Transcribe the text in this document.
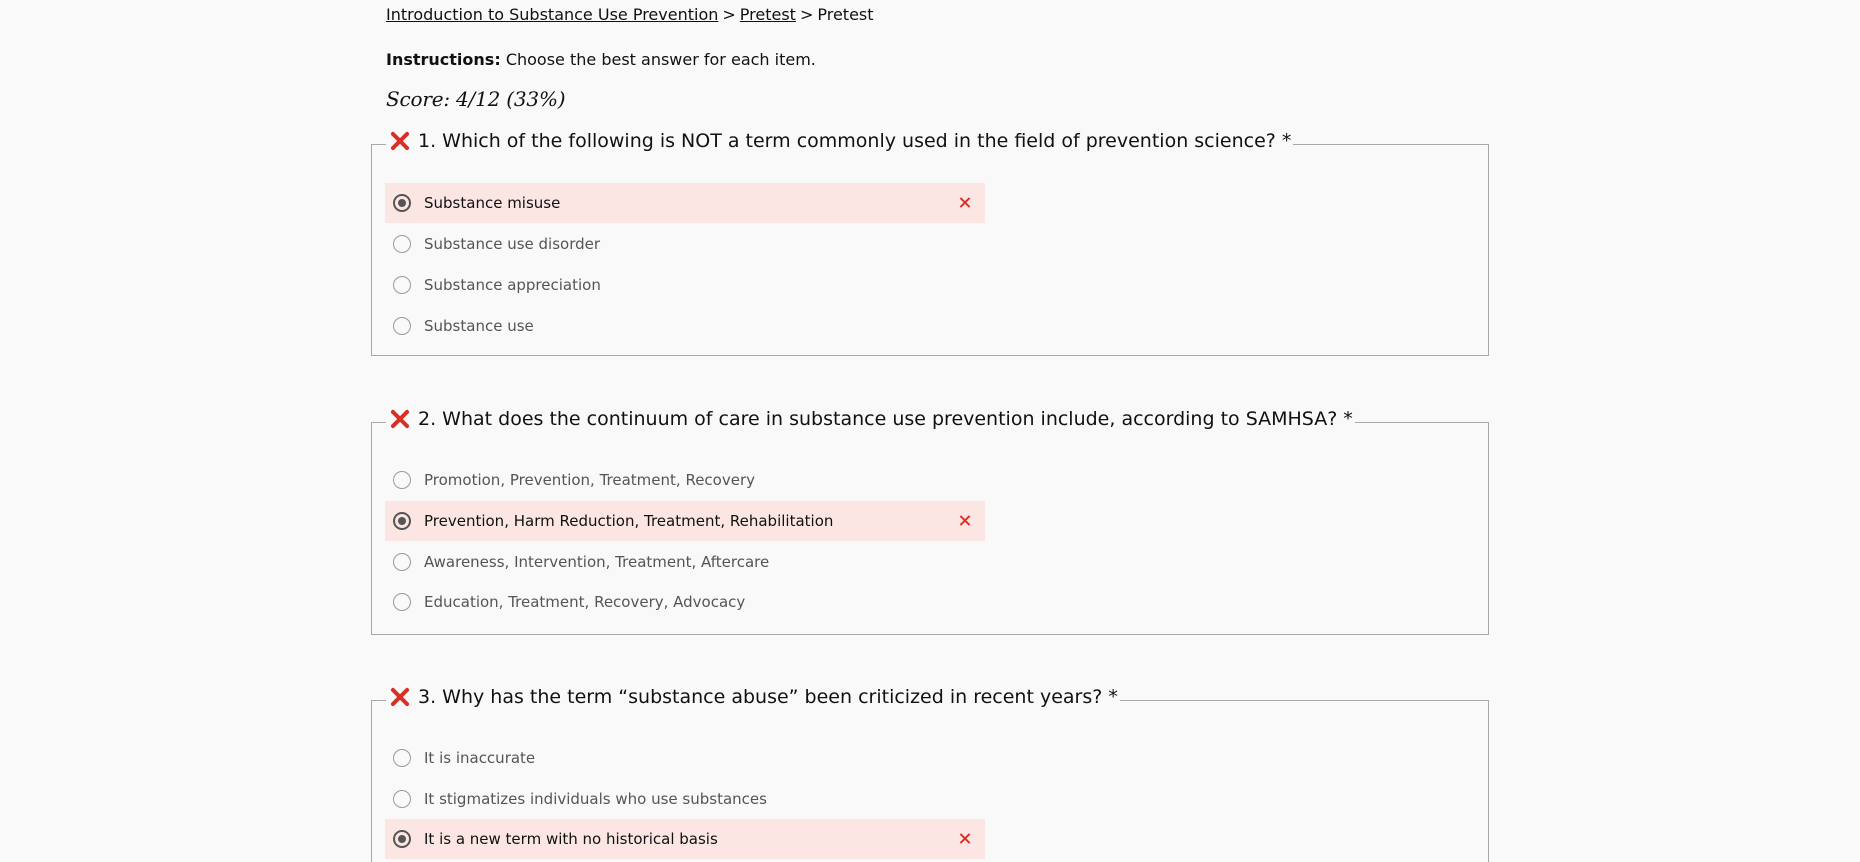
Introduction to Substance Use Prevention > Pretest > Pretest
Instructions: Choose the best answer for each item.
Score: 4/12 (33%)
1. Which of the following is NOT a term commonly used in the field of prevention science? *
Substance misuse
Substance use disorder
Substance appreciation
Substance use
2. What does the continuum of care in substance use prevention include, according to SAMHSA? *
Promotion, Prevention, Treatment, Recovery
Prevention, Harm Reduction, Treatment, Rehabilitation
Awareness, Intervention, Treatment, Aftercare
Education, Treatment, Recovery, Advocacy
3. Why has the term “substance abuse” been criticized in recent years? *
It is inaccurate
It stigmatizes individuals who use substances
It is a new term with no historical basis
